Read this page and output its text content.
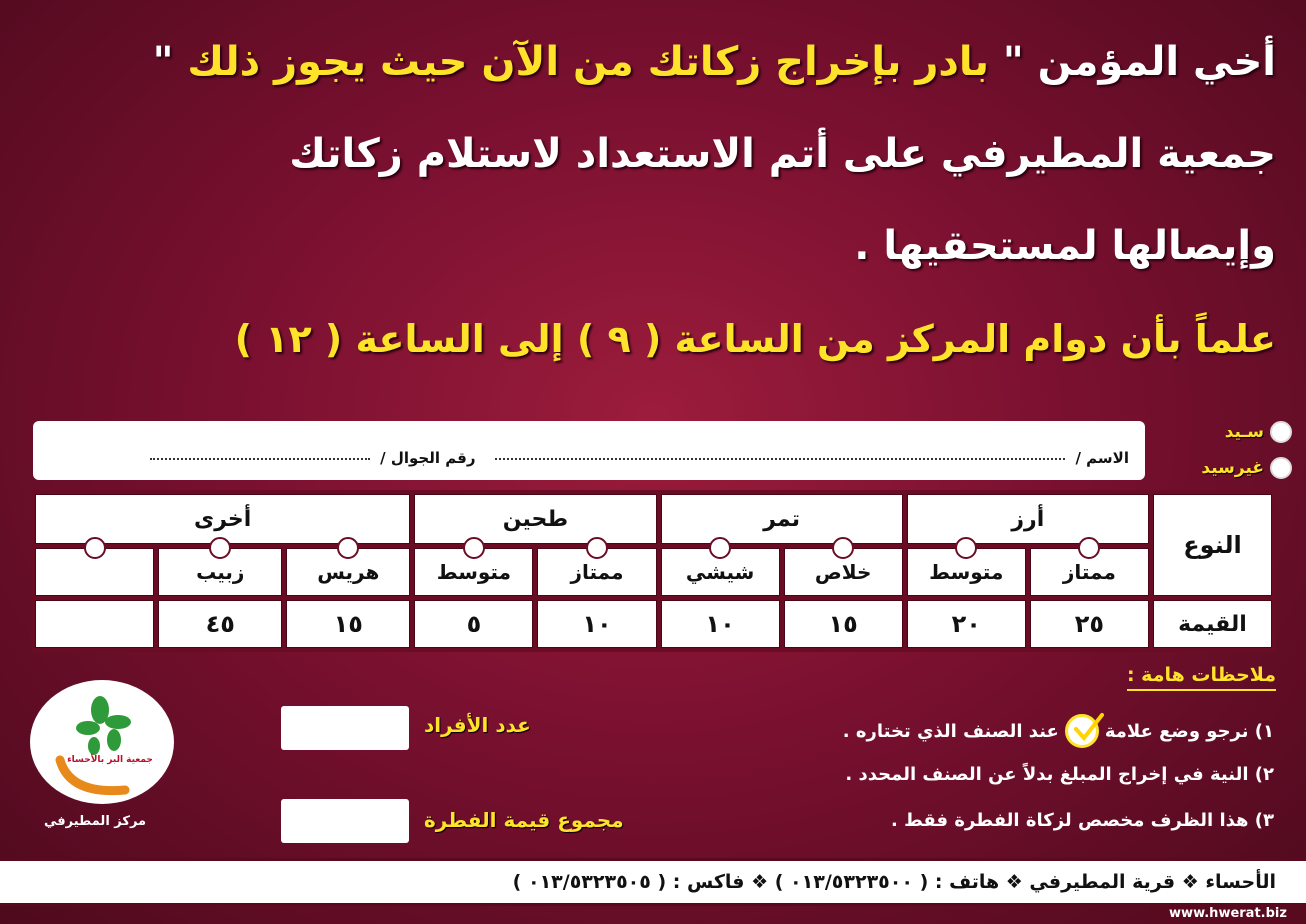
أخي المؤمن " بادر بإخراج زكاتك من الآن حيث يجوز ذلك "
جمعية المطيرفي على أتم الاستعداد لاستلام زكاتك
وإيصالها لمستحقيها .
علماً بأن دوام المركز من الساعة ( ٩ ) إلى الساعة ( ١٢ )
سـيد
غيرسيد
الاسم /
رقم الجوال /
النوع	أرز		تمر		طحين		أخرى		

ممتاز	متوسط	خلاص	شيشي	ممتاز	متوسط	هريس	زبيب	

القيمة	٢٥	٢٠	١٥	١٠	١٠	٥	١٥	٤٥	
ملاحظات هامة :
١) نرجو وضع علامة
عند الصنف الذي تختاره .
٢) النية في إخراج المبلغ بدلاً عن الصنف المحدد .
٣) هذا الظرف مخصص لزكاة الفطرة فقط .
عدد الأفراد
مجموع قيمة الفطرة
جمعية البر بالأحساء
مركز المطيرفي
الأحساء ❖ قرية المطيرفي ❖ هاتف : ( ٠١٣/٥٣٢٣٥٠٠ ) ❖ فاكس : ( ٠١٣/٥٣٢٣٥٠٥ )
www.hwerat.biz
